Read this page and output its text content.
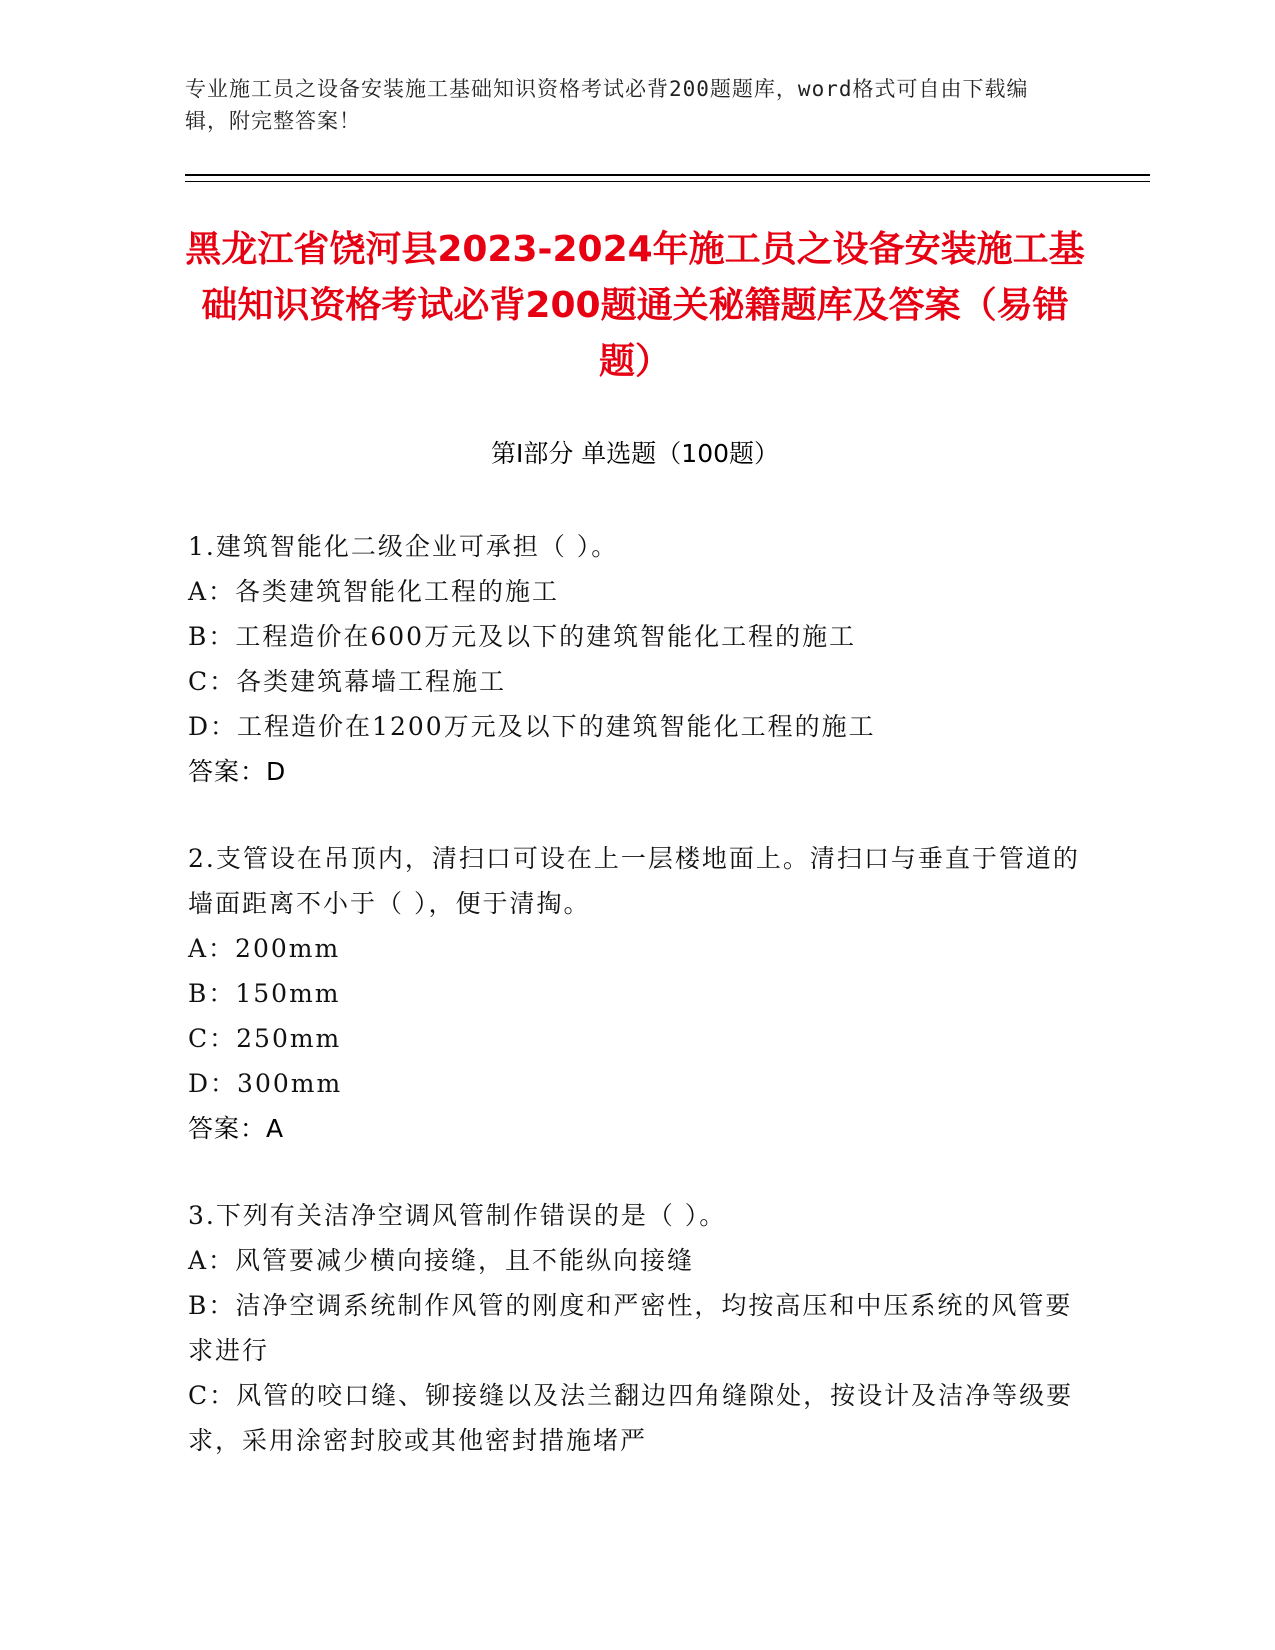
专业施工员之设备安装施工基础知识资格考试必背200题题库，word格式可自由下载编辑，附完整答案！
黑龙江省饶河县2023-2024年施工员之设备安装施工基础知识资格考试必背200题通关秘籍题库及答案（易错题）
第I部分 单选题（100题）
1.建筑智能化二级企业可承担（ ）。
A：各类建筑智能化工程的施工
B：工程造价在600万元及以下的建筑智能化工程的施工
C：各类建筑幕墙工程施工
D：工程造价在1200万元及以下的建筑智能化工程的施工
答案：D
2.支管设在吊顶内，清扫口可设在上一层楼地面上。清扫口与垂直于管道的墙面距离不小于（ ），便于清掏。
A：200mm
B：150mm
C：250mm
D：300mm
答案：A
3.下列有关洁净空调风管制作错误的是（ ）。
A：风管要减少横向接缝，且不能纵向接缝
B：洁净空调系统制作风管的刚度和严密性，均按高压和中压系统的风管要求进行
C：风管的咬口缝、铆接缝以及法兰翻边四角缝隙处，按设计及洁净等级要求，采用涂密封胶或其他密封措施堵严
